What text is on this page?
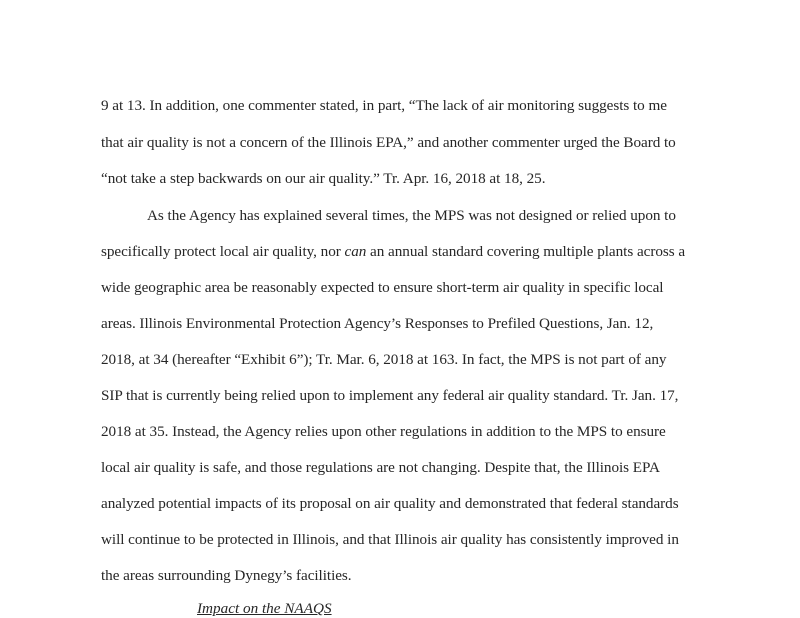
9 at 13. In addition, one commenter stated, in part, “The lack of air monitoring suggests to me
that air quality is not a concern of the Illinois EPA,” and another commenter urged the Board to
“not take a step backwards on our air quality.” Tr. Apr. 16, 2018 at 18, 25.
As the Agency has explained several times, the MPS was not designed or relied upon to
specifically protect local air quality, nor can an annual standard covering multiple plants across a
wide geographic area be reasonably expected to ensure short-term air quality in specific local
areas. Illinois Environmental Protection Agency’s Responses to Prefiled Questions, Jan. 12,
2018, at 34 (hereafter “Exhibit 6”); Tr. Mar. 6, 2018 at 163. In fact, the MPS is not part of any
SIP that is currently being relied upon to implement any federal air quality standard. Tr. Jan. 17,
2018 at 35. Instead, the Agency relies upon other regulations in addition to the MPS to ensure
local air quality is safe, and those regulations are not changing. Despite that, the Illinois EPA
analyzed potential impacts of its proposal on air quality and demonstrated that federal standards
will continue to be protected in Illinois, and that Illinois air quality has consistently improved in
the areas surrounding Dynegy’s facilities.
Impact on the NAAQS
